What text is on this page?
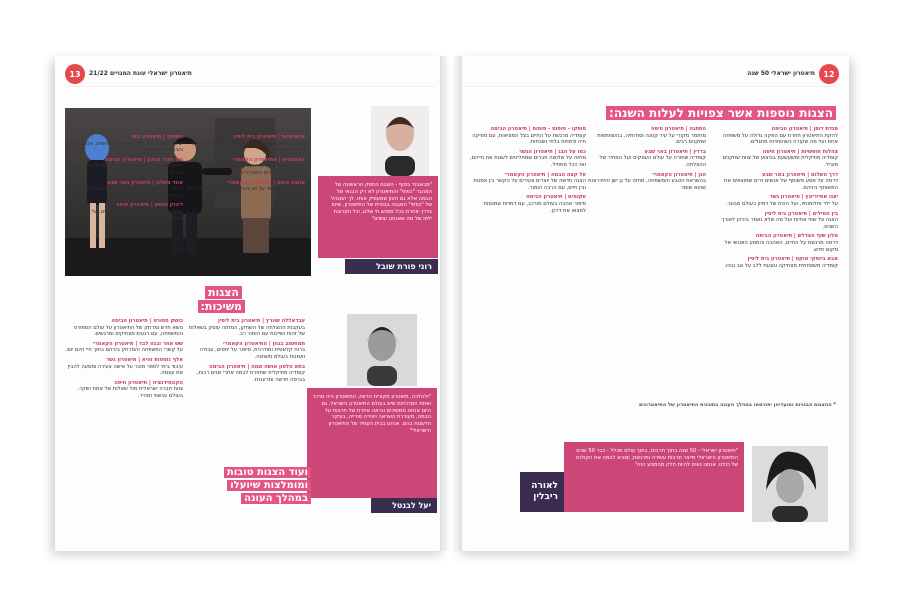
13	תיאטרון ישראלי עונת המנויים 21/22
"מבאבנר בסוף - הוצגת החוזק הראשונה של המהגר "כפתי" והתיאטרון לא רק הבנאי של הבמה אלא גם היגון שמעסיק אותו. לך המנהל של "כפתי" המבנה בבוכית של התיאטרון, שיטו בדרך אחרת בכל מפגש חי שלנו, וכל תערובת ילפו של מה שאנחנו עושים"
רוני פורת שובל
"ולהלכה, תיאטרון מקורית הרווח, התיאטרון היה מרכז ואחת המרכזיות שיש בעולם התיאטרון בישראל. גם היום אנחנו ממשיכים ונראה אחרת של תרבות על הבמה, מעוררת השראה ויצירה פורייה, בעיקר חדשנות בהם. אנחנו בבית העתיד של התיאטרון הישראלי"
יעל לבנטל
הצגות משיכות:
ועוד הצגות טובות ומומלצות שיועלו במהלך העונה

השותף | תיאטרון גשר
יצירת המקור של גדול המחזאים הרוסים, אנטון צ'כוב, בעיבוד חדש ומקורי.

עוד חוזר הניגון | תיאטרון הבימה
מחזה מוזיקלי בהשראת הביוגרפיה של ארבעה צעירים וגורלם בתוך תקופה סוערת.

אחד משלנו | תיאטרון באר שבע
דרמה משפחתית עכשווית המתרחשת בבית קטן בעיר, עם צחוק ודמעות.

דיבוק ומשק | תיאטרון חיפה
הצגה משולבת עם אנשים מכל הגילים, על הקשר בין דורות ועל החיים עצמם.

אינטימיות | תיאטרון בית ליסין
סיפור על ארבע נשים בחצות הלילה, על אהבה, פחד ותקווה לבאות.

האמבטיה | התיאטרון הקאמרי
דרמה חדשה מקורית העוסקת בזהות, באמונה ובשאלות על החיים המודרניים.

אהבה חופה | התיאטרון הקאמרי
סיפור אהבה קומי על זוג צעיר וחתונה שלא הולכת לפי התוכנית.

כושק ספורט | תיאטרון הבימה
נושא חדש ומרתק של התיאטרון על עולם הספורט והמשפחה, עם רגעים מצחיקים ומרגשים.

שש אחר ובנה לבד | תיאטרון הקאמרי
על קשרי המשפחה והמרחק ביניהם בתוך חיי היום יום.

אלף נוספות והיא | תיאטרון גשר
עיבוד ביתי לספר מוכר על אישה צעירה ומסעה להבין את עצמה.

הקונפידנציה | תיאטרון חיפה
צוות חברה ישראלית מול שאלות של אמת ושקר, בעולם עכשווי ומהיר.

עבדאללה שוורץ | תיאטרון בית ליסין
בעקבות ההצלחה של השחקן, המחזה עוסק בשאלות של זהות ושייכות עם הומור רב.

תמחשוב בגוון | התיאטרון הקאמרי
ברוח קלאסית ומודרנית, סיפור על יחסים, עבודה ואמנות בעולם משתנה.

בתא הלפון אושה שמה | תיאטרון הבימה
קומדיה מוזיקלית שחוזרת לבמה אחרי שנים רבות, בגרסה חדשה ומרעננת.

12
תיאטרון ישראלי 50 שנה
הצגות נוספות אשר צפויות לעלות השנה:

פופקו - פופוס - פופוס | תיאטרון הבימה
קומדיה מרגשת על החיים בצל המציאות, עם מוזיקה חיה ודמויות בלתי נשכחות.

כמו על הבג | תיאטרון הגשר
מחזה על שלושה חברים שמחליטים לשנות את חייהם, ואז הכל מתחיל.

על קצה הבמה | תיאטרון הקאמרי
הצגה חדשה של יוצרים צעירים על הקשר בין אמנות ובין חיים, עם הרבה הומור.

עקומים | תיאטרון הבימה
סיפור אהבה בעולם מורכב, עם דמויות שמנסות למצוא את דרכן.

התחנה | תיאטרון חיפה
מחזמר מקורי על עיר קטנה וסודותיה, בהשתתפות שחקנים רבים.

ברדין | תיאטרון באר שבע
קומדיה שחורה על עולם העסקים ועל המחיר של ההצלחה.

הגן | תיאטרון הקאמרי
בהשראת הטבע והמשפחה, מחזה על גן ישן והזיכרונות שהוא שומר.

מגדת דופן | תיאטרון הבימה
להקת התיאטרון חוזרת עם הפקה גדולה על משפחה אחת ועל מה שקורה כשהסודות מתגלים.

צהלות חופשיות | תיאטרון חיפה
קומדיה מוזיקלית ומשעשעת בביצוע של צוות שחקנים מוביל.

דרך השלום | תיאטרון באר שבע
דרמה על מסע משותף של אנשים זרים שמוצאים את המשותף ביניהם.

יצגו אפייריעץ | תיאטרון גשר
על ילד וחלומותיו, ועל הכוח של דמיון בעולם מבוגר.

בין המילים | תיאטרון בית ליסין
הצגה על שתי אחיות ועל מה שלא נאמר ביניהן לאורך השנים.

מלון שוף הצדלש | תיאטרון הבימה
דרמה מרגשת על החיים, האהבה והמסע האנושי אל מקום חדש.

אבא ביופקי אוקט | תיאטרון בית ליסין
קומדיה משפחתית מצחיקה ונוגעת ללב על אב ובניו.

* ההצגות הבנויות ומועדיהן יפורסמו במהלך העונה בתוכנית התיאטרון של התיאטרונים
"תיאטרון ישראלי - 50 שנה בתוך תרבות, בתוך עולם מכלל - כבר 50 שנים התיאטרון הישראלי מייצר תרבות עשירה ומרגשת, ומביא לבמה את הקולות של כולנו. אנחנו גאים להיות חלק מהמסע הזה"
לאורה ריבלין
